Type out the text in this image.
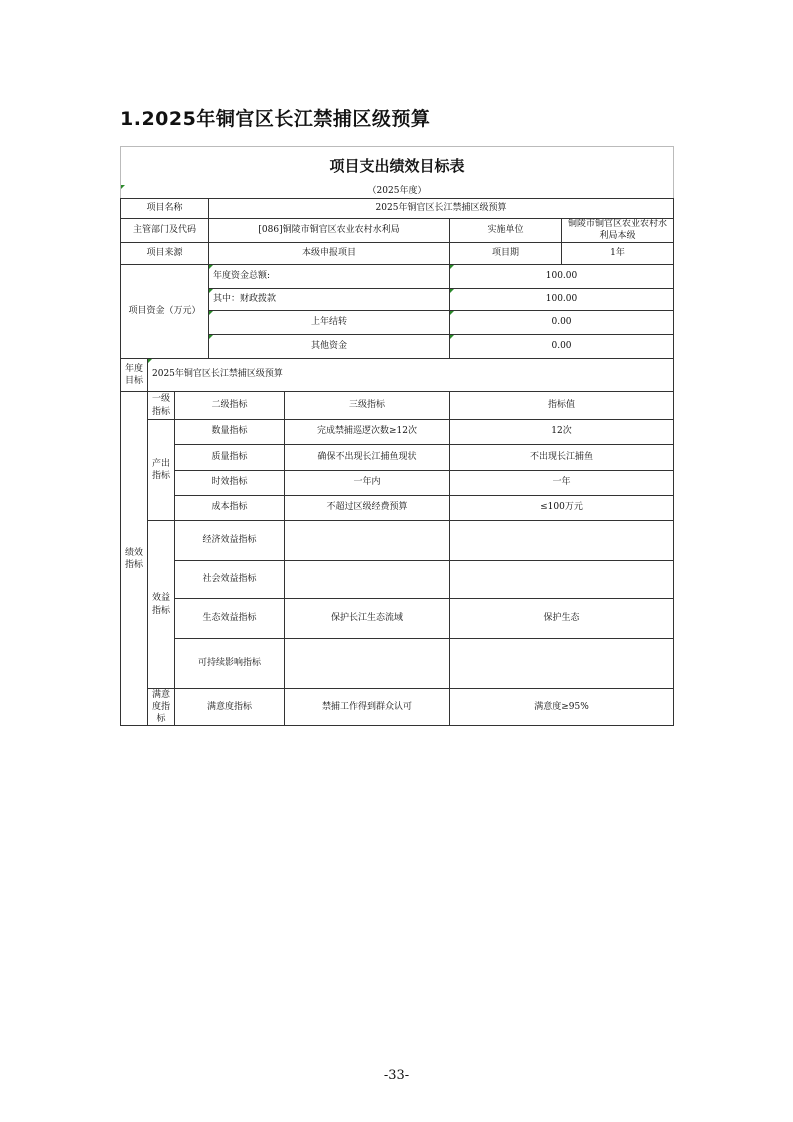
1.2025年铜官区长江禁捕区级预算
项目支出绩效目标表						
（2025年度）						
项目名称			2025年铜官区长江禁捕区级预算			
主管部门及代码			[086]铜陵市铜官区农业农村水利局		实施单位	铜陵市铜官区农业农村水利局本级
项目来源			本级申报项目		项目期	1年
项目资金（万元）			年度资金总额:		100.00	
			其中：财政拨款		100.00	
			上年结转		0.00	
			其他资金		0.00	
年度目标	2025年铜官区长江禁捕区级预算					
绩效指标	一级指标	二级指标		三级指标	指标值	
	产出指标	数量指标		完成禁捕巡逻次数≥12次	12次	
		质量指标		确保不出现长江捕鱼现状	不出现长江捕鱼	
		时效指标		一年内	一年	
		成本指标		不超过区级经费预算	≤100万元	
	效益指标	经济效益指标				

		社会效益指标				

		生态效益指标		保护长江生态流域	保护生态	

		可持续影响指标				

	满意度指标	满意度指标		禁捕工作得到群众认可	满意度≥95%	
-33-
